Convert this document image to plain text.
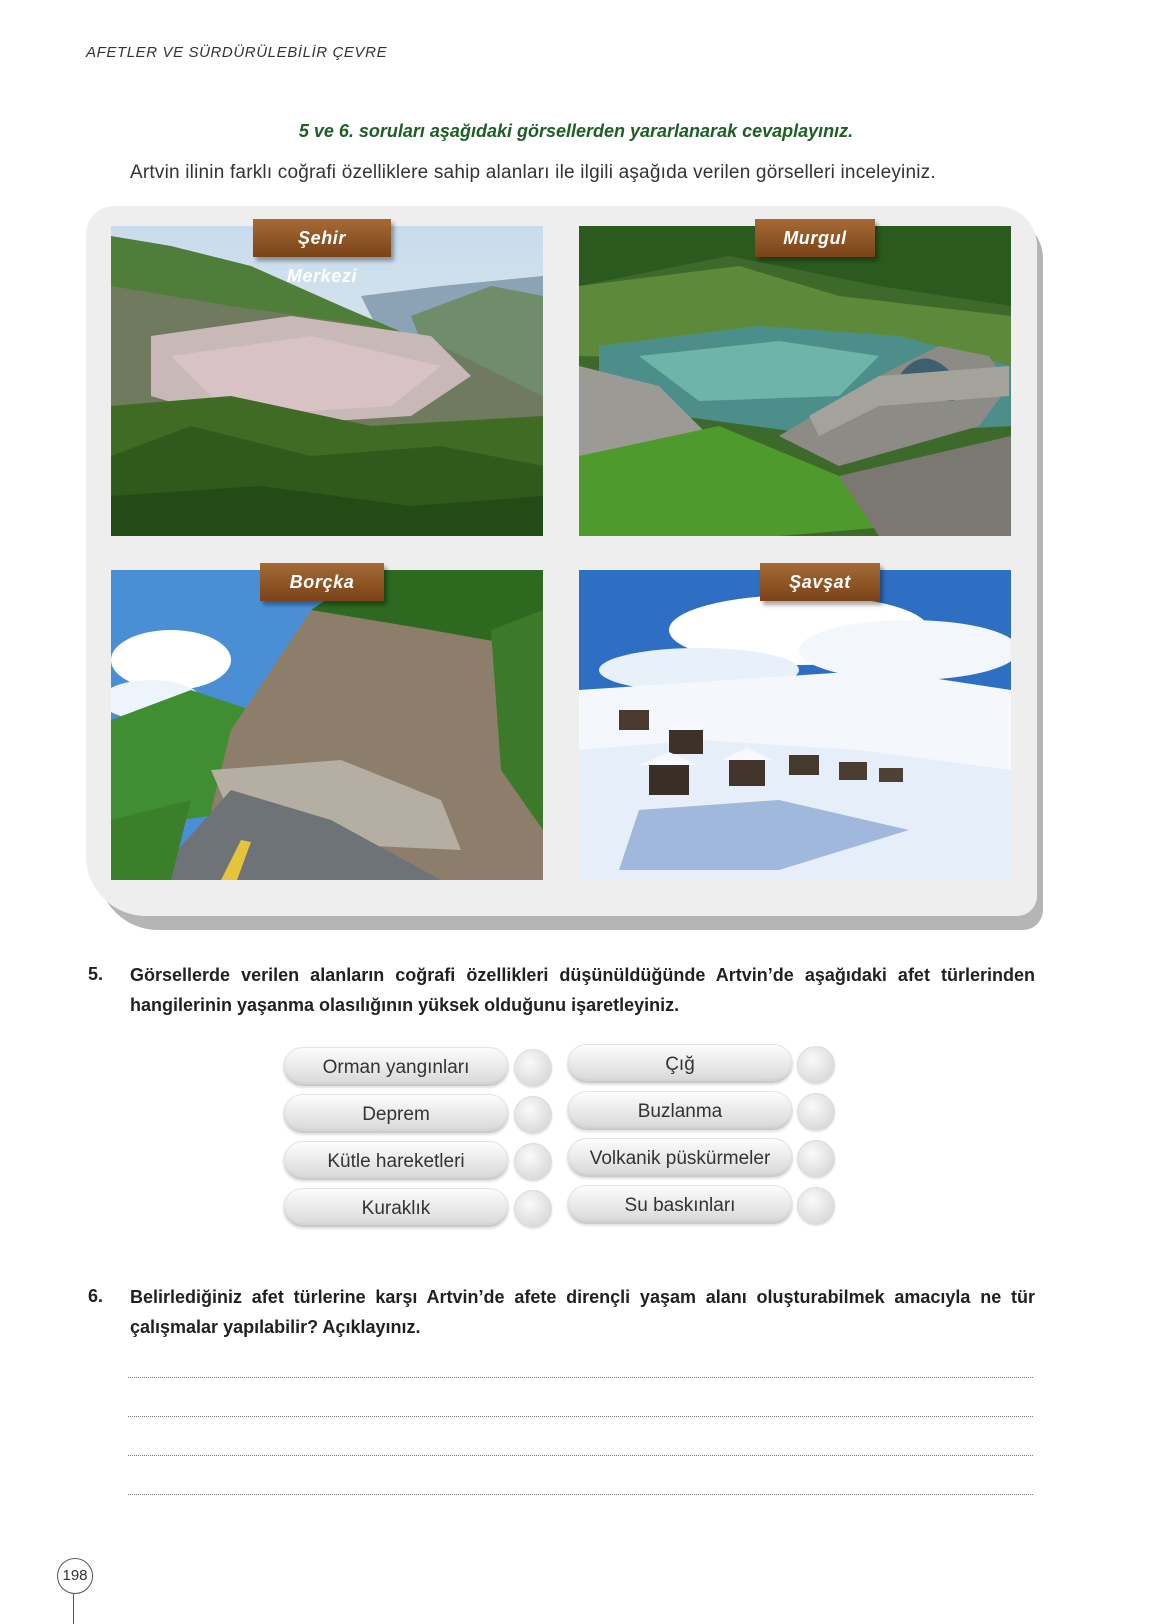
AFETLER VE SÜRDÜRÜLEBİLİR ÇEVRE
5 ve 6. soruları aşağıdaki görsellerden yararlanarak cevaplayınız.
Artvin ilinin farklı coğrafi özelliklere sahip alanları ile ilgili aşağıda verilen görselleri inceleyiniz.
Şehir Merkezi
Murgul
Borçka	Şavşat
5. Görsellerde verilen alanların coğrafi özellikleri düşünüldüğünde Artvin’de aşağıdaki afet türlerinden hangilerinin yaşanma olasılığının yüksek olduğunu işaretleyiniz.
Orman yangınları
Deprem
Kütle hareketleri
Kuraklık
Çığ
Buzlanma
Volkanik püskürmeler
Su baskınları
6. Belirlediğiniz afet türlerine karşı Artvin’de afete dirençli yaşam alanı oluşturabilmek amacıyla ne tür çalışmalar yapılabilir? Açıklayınız.
198
